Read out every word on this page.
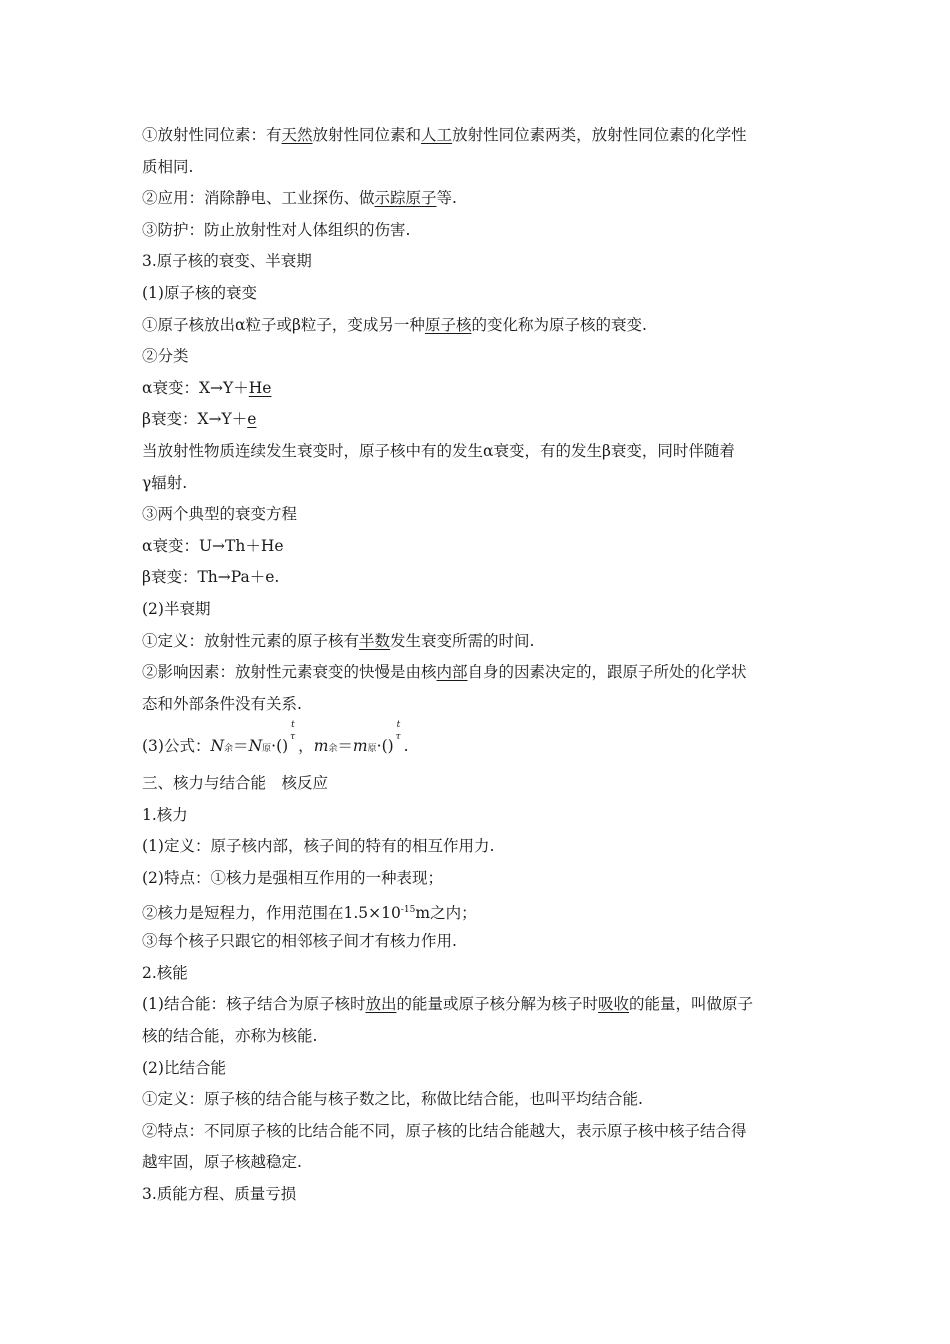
①放射性同位素：有天然放射性同位素和人工放射性同位素两类，放射性同位素的化学性
质相同.
②应用：消除静电、工业探伤、做示踪原子等.
③防护：防止放射性对人体组织的伤害.
3.原子核的衰变、半衰期
(1)原子核的衰变
①原子核放出α粒子或β粒子，变成另一种原子核的变化称为原子核的衰变.
②分类
α衰变：X→Y＋He
β衰变：X→Y＋e
当放射性物质连续发生衰变时，原子核中有的发生α衰变，有的发生β衰变，同时伴随着
γ辐射.
③两个典型的衰变方程
α衰变：U→Th＋He
β衰变：Th→Pa＋e.
(2)半衰期
①定义：放射性元素的原子核有半数发生衰变所需的时间.
②影响因素：放射性元素衰变的快慢是由核内部自身的因素决定的，跟原子所处的化学状
态和外部条件没有关系.
(3)公式：N余＝N原·()
t
τ ，m余＝m原·()
t
τ .
三、核力与结合能　核反应
1.核力
(1)定义：原子核内部，核子间的特有的相互作用力.
(2)特点：①核力是强相互作用的一种表现；
②核力是短程力，作用范围在$1.5\times 10^{-15}m$之内；
③每个核子只跟它的相邻核子间才有核力作用.
2.核能
(1)结合能：核子结合为原子核时放出的能量或原子核分解为核子时吸收的能量，叫做原子
核的结合能，亦称为核能.
(2)比结合能
①定义：原子核的结合能与核子数之比，称做比结合能，也叫平均结合能.
②特点：不同原子核的比结合能不同，原子核的比结合能越大，表示原子核中核子结合得
越牢固，原子核越稳定.
3.质能方程、质量亏损
